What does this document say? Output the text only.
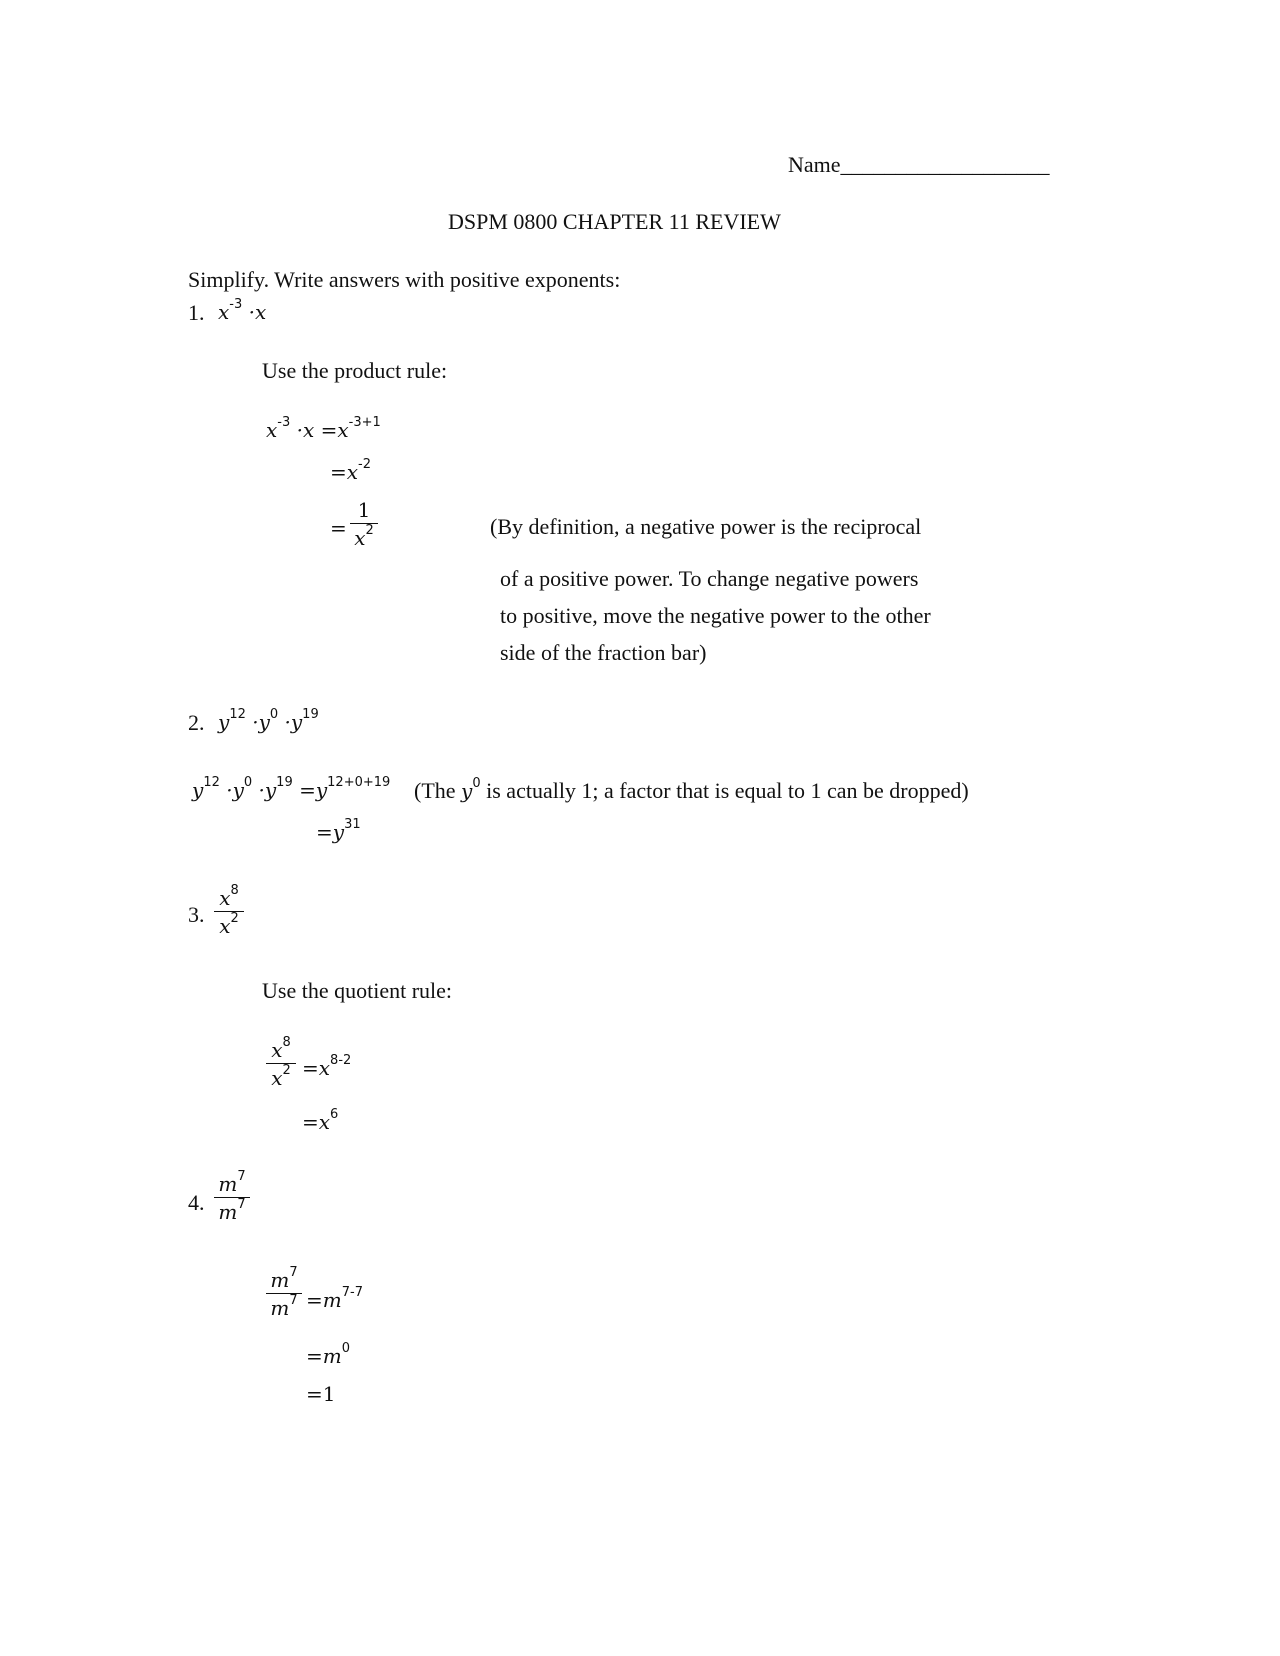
Name___________________
DSPM 0800 CHAPTER 11 REVIEW
Simplify. Write answers with positive exponents:
1. $x^{-3} \cdot x$
Use the product rule:
$x^{-3} \cdot x =x^{-3+1}$
$=x^{-2}$
=
1
$x^2$	(By definition, a negative power is the reciprocal
of a positive power. To change negative powers
to positive, move the negative power to the other
side of the fraction bar)
2. $y^{12} \cdot y^0 \cdot y^{19}$
$y^{12} \cdot y^0 \cdot y^{19} =y^{12+0+19}$ (The $y^0$ is actually 1; a factor that is equal to 1 can be dropped)
$=y^{31}$
3.
$x^8$
$x^2$
Use the quotient rule:
$x^8$
$x^2 =x^{8-2}$
$=x^6$
4.
$m^7$
$m^7$
$m^7$
$m^7 =m^{7-7}$
$=m^0$
=1
